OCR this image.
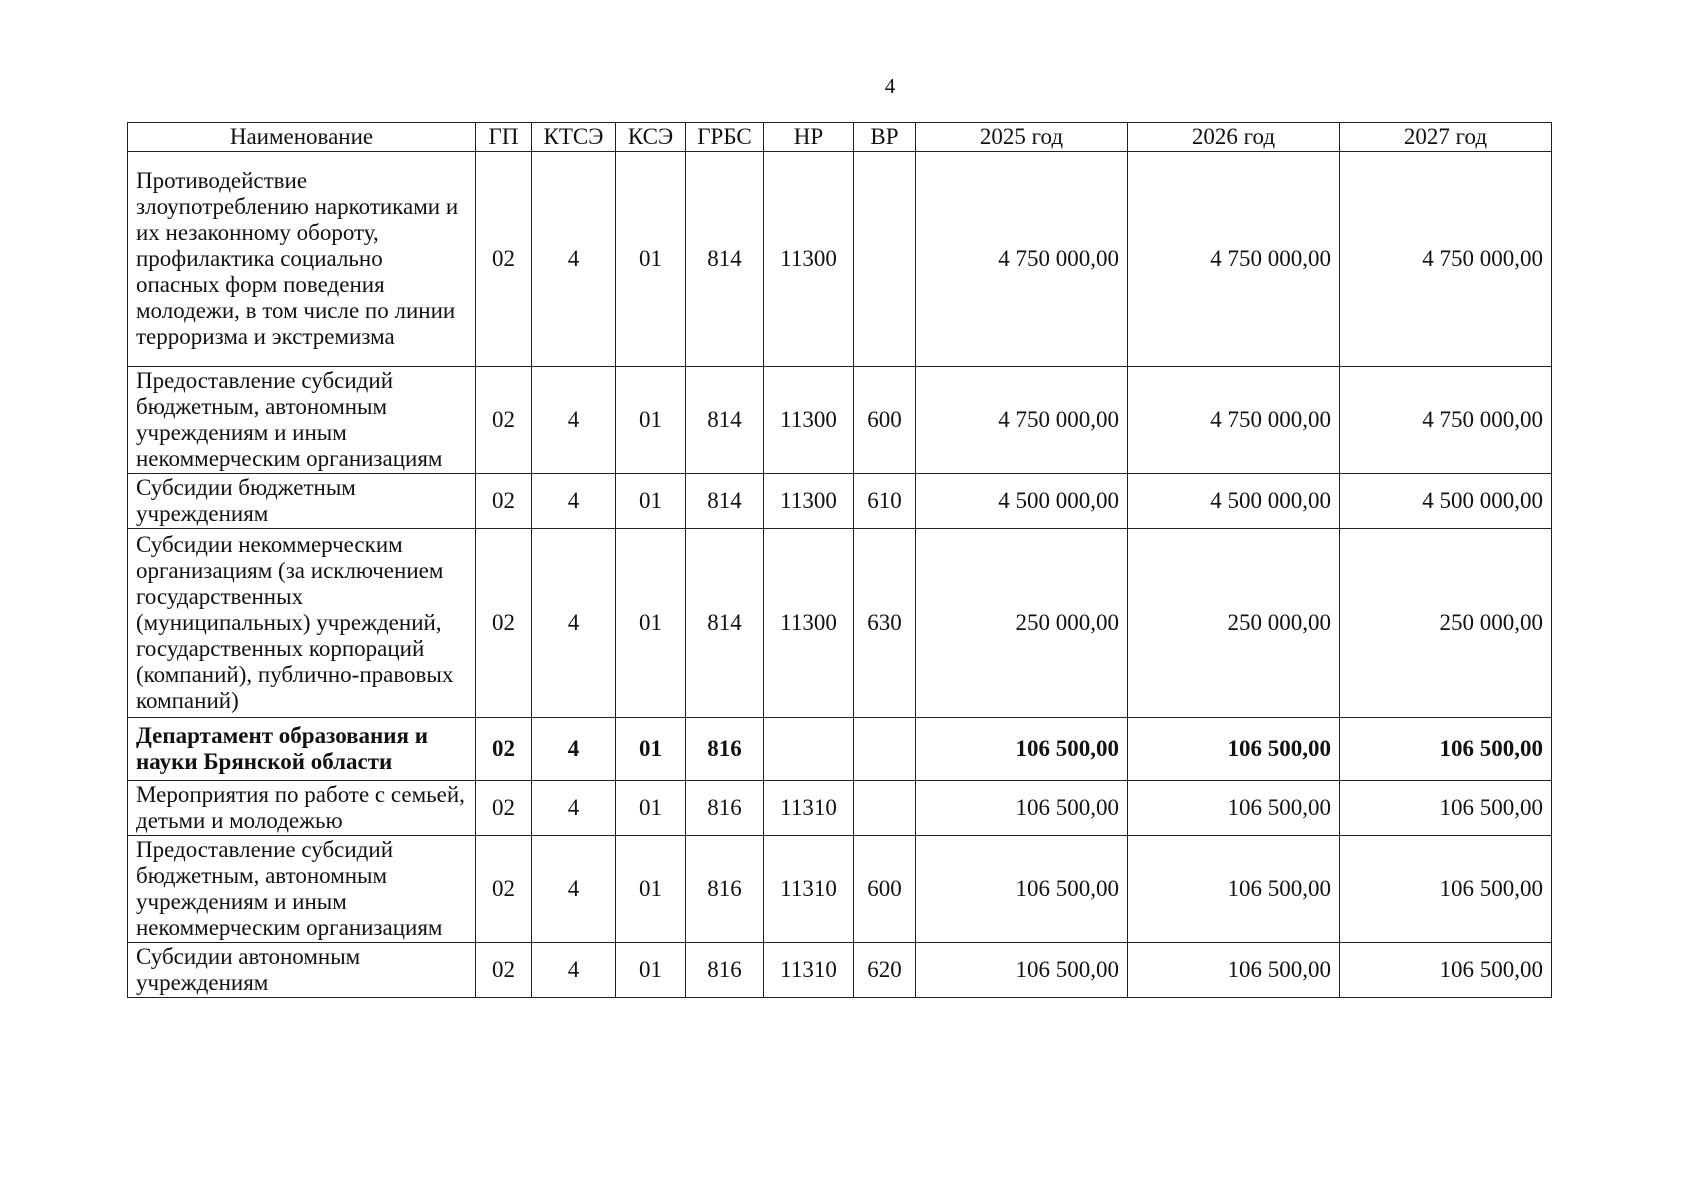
4
Наименование	ГП	КТСЭ	КСЭ	ГРБС	НР	ВР	2025 год	2026 год	2027 год
Противодействие злоупотреблению наркотиками и их незаконному обороту, профилактика социально опасных форм поведения молодежи, в том числе по линии терроризма и экстремизма	02	4	01	814	11300		4 750 000,00	4 750 000,00	4 750 000,00
Предоставление субсидий бюджетным, автономным учреждениям и иным некоммерческим организациям	02	4	01	814	11300	600	4 750 000,00	4 750 000,00	4 750 000,00
Субсидии бюджетным учреждениям	02	4	01	814	11300	610	4 500 000,00	4 500 000,00	4 500 000,00
Субсидии некоммерческим организациям (за исключением государственных (муниципальных) учреждений, государственных корпораций (компаний), публично-правовых компаний)	02	4	01	814	11300	630	250 000,00	250 000,00	250 000,00
Департамент образования и науки Брянской области	02	4	01	816			106 500,00	106 500,00	106 500,00
Мероприятия по работе с семьей, детьми и молодежью	02	4	01	816	11310		106 500,00	106 500,00	106 500,00
Предоставление субсидий бюджетным, автономным учреждениям и иным некоммерческим организациям	02	4	01	816	11310	600	106 500,00	106 500,00	106 500,00
Субсидии автономным учреждениям	02	4	01	816	11310	620	106 500,00	106 500,00	106 500,00
